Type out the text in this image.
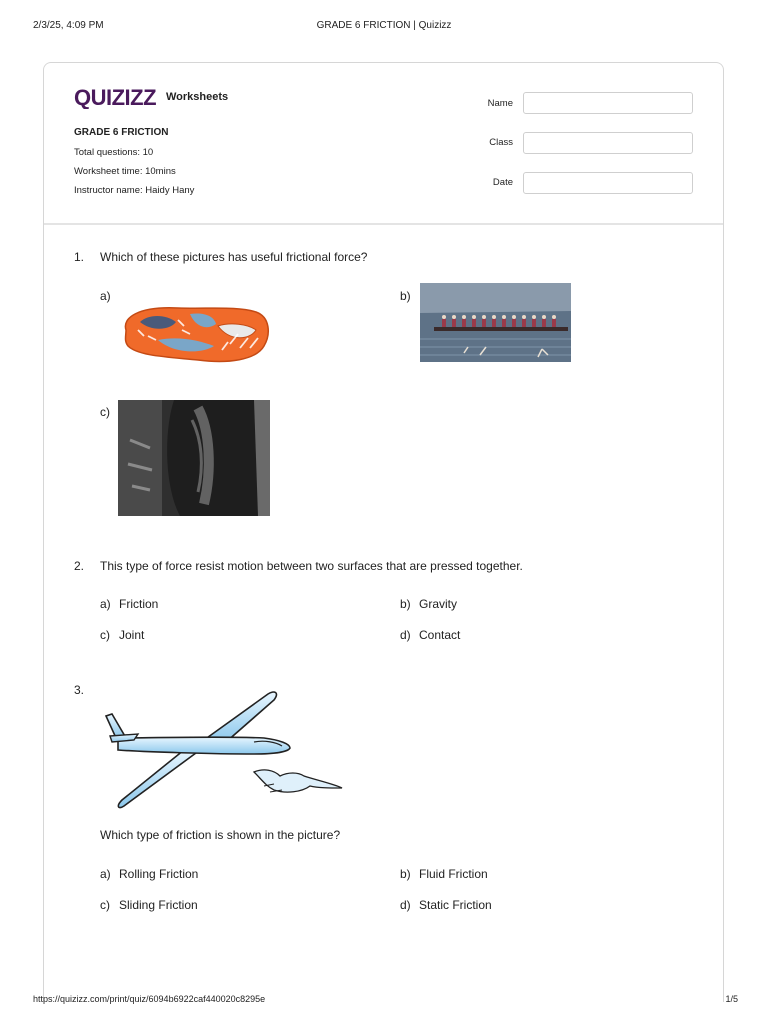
2/3/25, 4:09 PM	GRADE 6 FRICTION | Quizizz
QUIZIZZ Worksheets
GRADE 6 FRICTION
Total questions: 10
Worksheet time: 10mins
Instructor name: Haidy Hany
Name
Class
Date
1. Which of these pictures has useful frictional force?
a)	b)
c)
2. This type of force resist motion between two surfaces that are pressed together.
a) Friction	b) Gravity
c) Joint	d) Contact
3.
Which type of friction is shown in the picture?
a) Rolling Friction	b) Fluid Friction
c) Sliding Friction	d) Static Friction
https://quizizz.com/print/quiz/6094b6922caf440020c8295e	1/5
